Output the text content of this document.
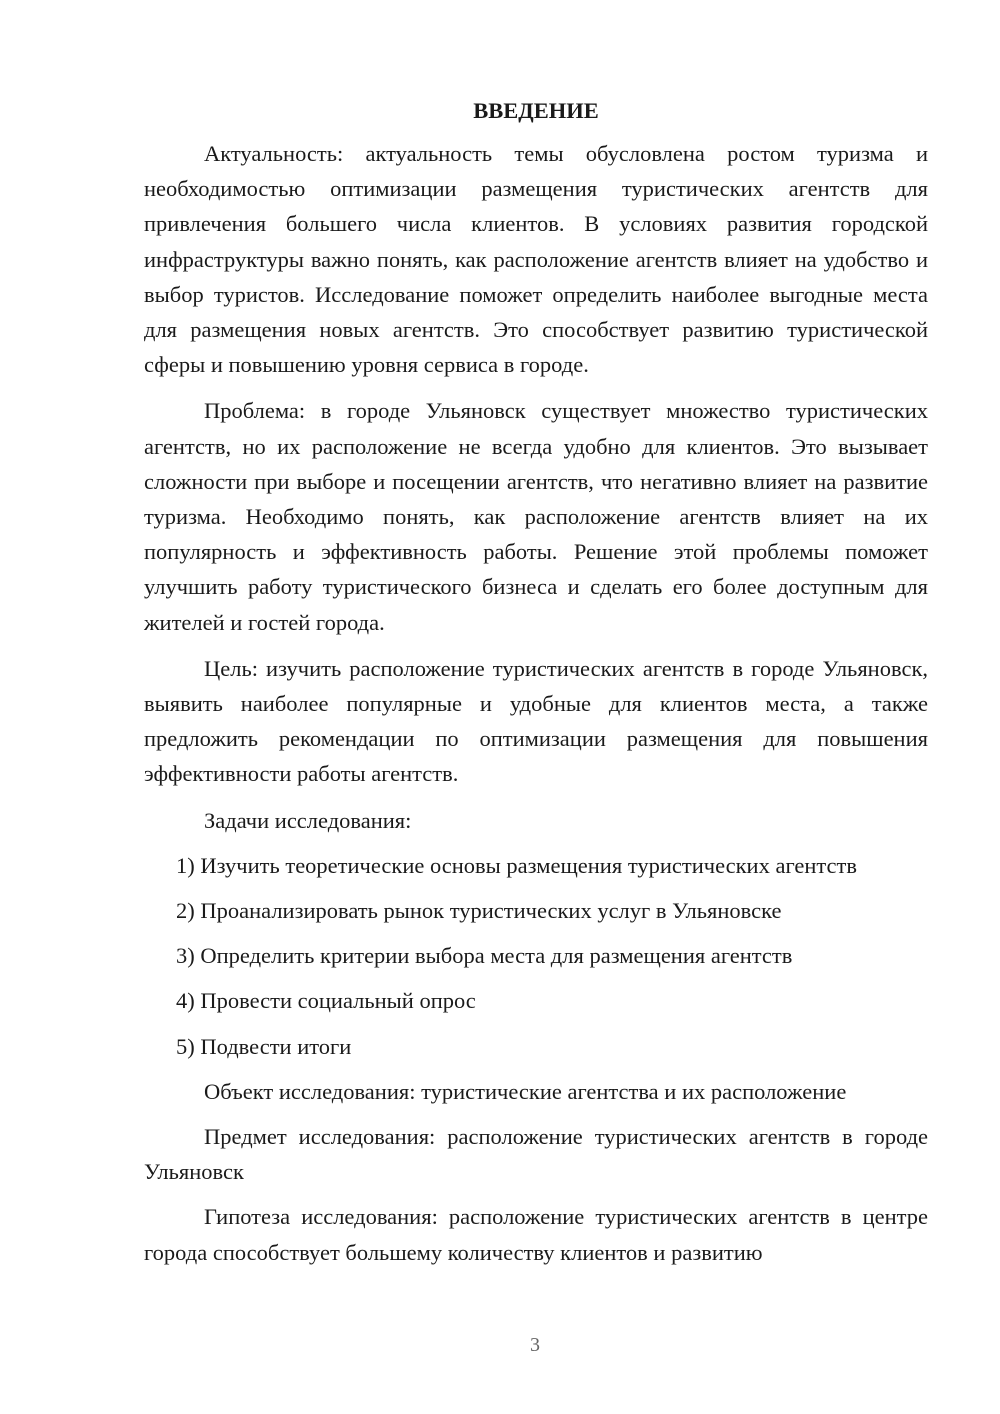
ВВЕДЕНИЕ

Актуальность: актуальность темы обусловлена ростом туризма и необходимостью оптимизации размещения туристических агентств для привлечения большего числа клиентов. В условиях развития городской инфраструктуры важно понять, как расположение агентств влияет на удобство и выбор туристов. Исследование поможет определить наиболее выгодные места для размещения новых агентств. Это способствует развитию туристической сферы и повышению уровня сервиса в городе.

Проблема: в городе Ульяновск существует множество туристических агентств, но их расположение не всегда удобно для клиентов. Это вызывает сложности при выборе и посещении агентств, что негативно влияет на развитие туризма. Необходимо понять, как расположение агентств влияет на их популярность и эффективность работы. Решение этой проблемы поможет улучшить работу туристического бизнеса и сделать его более доступным для жителей и гостей города.

Цель: изучить расположение туристических агентств в городе Ульяновск, выявить наиболее популярные и удобные для клиентов места, а также предложить рекомендации по оптимизации размещения для повышения эффективности работы агентств.

Задачи исследования:

1) Изучить теоретические основы размещения туристических агентств

2) Проанализировать рынок туристических услуг в Ульяновске

3) Определить критерии выбора места для размещения агентств

4) Провести социальный опрос

5) Подвести итоги

Объект исследования: туристические агентства и их расположение

Предмет исследования: расположение туристических агентств в городе Ульяновск

Гипотеза исследования: расположение туристических агентств в центре города способствует большему количеству клиентов и развитию

3
